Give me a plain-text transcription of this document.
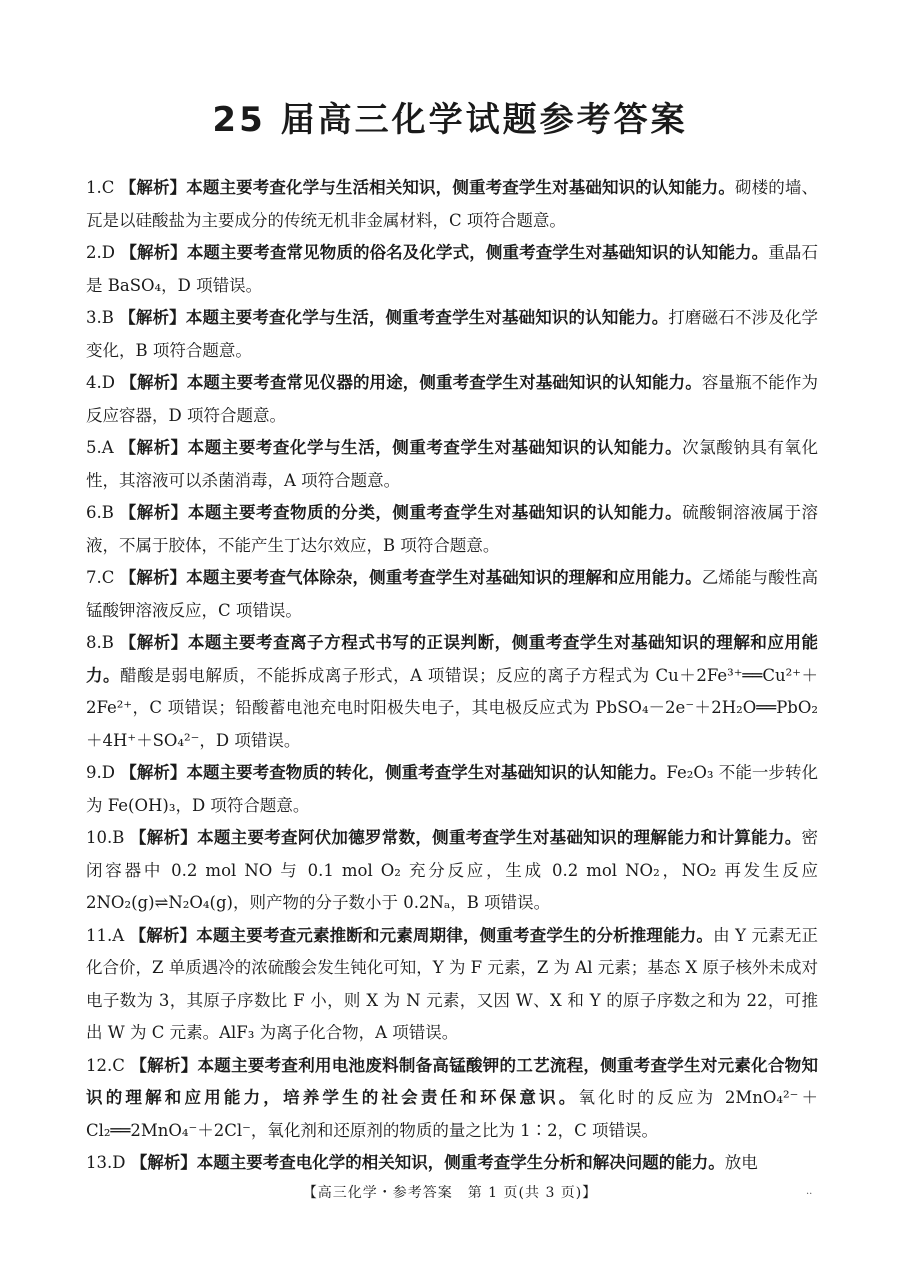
25 届高三化学试题参考答案
1.C 【解析】本题主要考查化学与生活相关知识，侧重考查学生对基础知识的认知能力。砌楼的墙、瓦是以硅酸盐为主要成分的传统无机非金属材料，C 项符合题意。
2.D 【解析】本题主要考查常见物质的俗名及化学式，侧重考查学生对基础知识的认知能力。重晶石是 BaSO₄，D 项错误。
3.B 【解析】本题主要考查化学与生活，侧重考查学生对基础知识的认知能力。打磨磁石不涉及化学变化，B 项符合题意。
4.D 【解析】本题主要考查常见仪器的用途，侧重考查学生对基础知识的认知能力。容量瓶不能作为反应容器，D 项符合题意。
5.A 【解析】本题主要考查化学与生活，侧重考查学生对基础知识的认知能力。次氯酸钠具有氧化性，其溶液可以杀菌消毒，A 项符合题意。
6.B 【解析】本题主要考查物质的分类，侧重考查学生对基础知识的认知能力。硫酸铜溶液属于溶液，不属于胶体，不能产生丁达尔效应，B 项符合题意。
7.C 【解析】本题主要考查气体除杂，侧重考查学生对基础知识的理解和应用能力。乙烯能与酸性高锰酸钾溶液反应，C 项错误。
8.B 【解析】本题主要考查离子方程式书写的正误判断，侧重考查学生对基础知识的理解和应用能力。醋酸是弱电解质，不能拆成离子形式，A 项错误；反应的离子方程式为 Cu＋2Fe³⁺══Cu²⁺＋2Fe²⁺，C 项错误；铅酸蓄电池充电时阳极失电子，其电极反应式为 PbSO₄－2e⁻＋2H₂O══PbO₂＋4H⁺＋SO₄²⁻，D 项错误。
9.D 【解析】本题主要考查物质的转化，侧重考查学生对基础知识的认知能力。Fe₂O₃ 不能一步转化为 Fe(OH)₃，D 项符合题意。
10.B 【解析】本题主要考查阿伏加德罗常数，侧重考查学生对基础知识的理解能力和计算能力。密闭容器中 0.2 mol NO 与 0.1 mol O₂ 充分反应，生成 0.2 mol NO₂，NO₂ 再发生反应 2NO₂(g)⇌N₂O₄(g)，则产物的分子数小于 0.2Nₐ，B 项错误。
11.A 【解析】本题主要考查元素推断和元素周期律，侧重考查学生的分析推理能力。由 Y 元素无正化合价，Z 单质遇冷的浓硫酸会发生钝化可知，Y 为 F 元素，Z 为 Al 元素；基态 X 原子核外未成对电子数为 3，其原子序数比 F 小，则 X 为 N 元素，又因 W、X 和 Y 的原子序数之和为 22，可推出 W 为 C 元素。AlF₃ 为离子化合物，A 项错误。
12.C 【解析】本题主要考查利用电池废料制备高锰酸钾的工艺流程，侧重考查学生对元素化合物知识的理解和应用能力，培养学生的社会责任和环保意识。氧化时的反应为 2MnO₄²⁻＋Cl₂══2MnO₄⁻＋2Cl⁻，氧化剂和还原剂的物质的量之比为 1∶2，C 项错误。
13.D 【解析】本题主要考查电化学的相关知识，侧重考查学生分析和解决问题的能力。放电
【高三化学・参考答案　第 1 页(共 3 页)】	..
